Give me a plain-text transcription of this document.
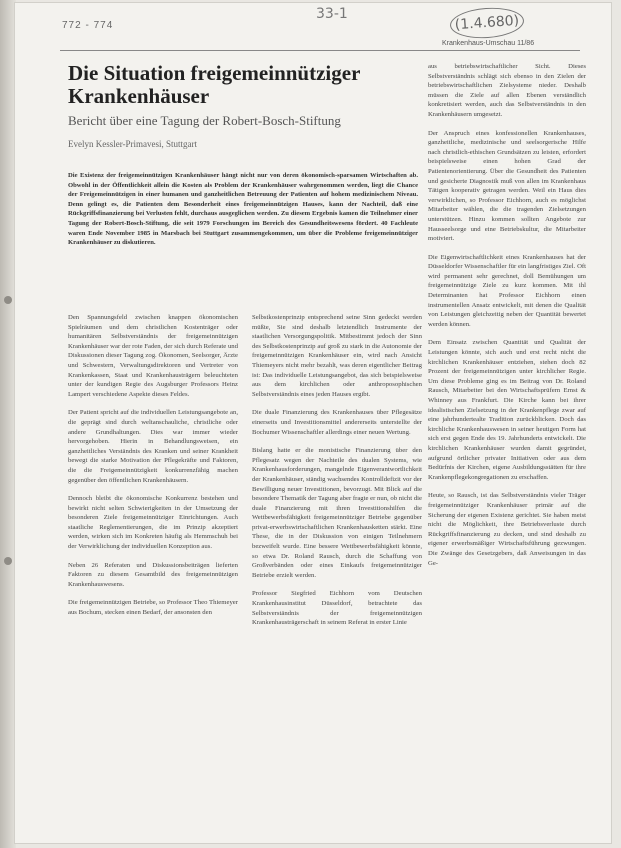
772 - 774
33-1	(1.4.680)
Krankenhaus-Umschau 11/86
Die Situation freigemeinnütziger Krankenhäuser
Bericht über eine Tagung der Robert-Bosch-Stiftung
Evelyn Kessler-Primavesi, Stuttgart

Die Existenz der freigemeinnützigen Krankenhäuser hängt nicht nur von deren ökonomisch-sparsamen Wirtschaften ab. Obwohl in der Öffentlichkeit allein die Kosten als Problem der Krankenhäuser wahrgenommen werden, liegt die Chance der Freigemeinnützigen in einer humanen und ganzheitlichen Betreuung der Patienten auf hohem medizinischem Niveau. Denn gelingt es, die Patienten dem Besonderheit eines freigemeinnützigen Hauses, kann der Nachteil, daß eine Rückgriffsfinanzierung bei Verlusten fehlt, durchaus ausgeglichen werden. Zu diesem Ergebnis kamen die Teilnehmer einer Tagung der Robert-Bosch-Stiftung, die seit 1979 Forschungen im Bereich des Gesundheitswesens fördert. 40 Fachleute waren Ende November 1985 in Marsbach bei Stuttgart zusammengekommen, um über die Probleme freigemeinnütziger Krankenhäuser zu diskutieren.

Den Spannungsfeld zwischen knappen ökonomischen Spielräumen und dem christlichen Kostenträger oder humanitären Selbstverständnis der freigemeinnützigen Krankenhäuser war der rote Faden, der sich durch Referate und Diskussionen dieser Tagung zog. Ökonomen, Seelsorger, Ärzte und Schwestern, Verwaltungsdirektoren und Vertreter von Krankenkassen, Staat und Krankenhausträgern beleuchteten unter der kundigen Regie des Augsburger Professors Heinz Lampert verschiedene Aspekte dieses Feldes.

Der Patient spricht auf die individuellen Leistungsangebote an, die geprägt sind durch weltanschauliche, christliche oder andere Grundhaltungen. Dies war immer wieder hervorgehoben. Hierin in Behandlungsweisen, ein ganzheitliches Verständnis des Kranken und seiner Krankheit bewegt die starke Motivation der Pflegekräfte und Faktoren, die die Freigemeinnützigkeit konkurrenzfähig machen gegenüber den öffentlichen Krankenhäusern.

Dennoch bleibt die ökonomische Konkurrenz bestehen und bewirkt nicht selten Schwierigkeiten in der Umsetzung der besonderen Ziele freigemeinnütziger Einrichtungen. Auch staatliche Reglementierungen, die im Prinzip akzeptiert werden, wirken sich im Konkreten häufig als Hemmschuh bei der Verwirklichung der individuellen Konzeption aus.

Neben 26 Referaten und Diskussionsbeiträgen lieferten Faktoren zu diesem Gesamtbild des freigemeinnützigen Krankenhauswesens.

Die freigemeinnützigen Betriebe, so Professor Theo Thiemeyer aus Bochum, stecken einen Bedarf, der ansonsten den

Selbstkostenprinzip entsprechend seine Sinn gedeckt werden müßte, Sie sind deshalb letztendlich Instrumente der staatlichen Versorgungspolitik. Mitbestimmt jedoch der Sinn des Selbstkostenprinzip auf groß zu stark in die Autonomie der freigemeinnützigen Krankenhäuser ein, wird nach Ansicht Thiemeyers nicht mehr bezahlt, was deren eigentlicher Beitrag ist: Das individuelle Leistungsangebot, das sich beispielsweise aus dem kirchlichen oder anthroposophischen Selbstverständnis eines jeden Hauses ergibt.

Die duale Finanzierung des Krankenhauses über Pflegesätze einerseits und Investitionsmittel andererseits unterstellte der Bochumer Wissenschaftler allerdings einer neuen Wertung.

Bislang hatte er die monistische Finanzierung über den Pflegesatz wegen der Nachteile des dualen Systems, wie Krankenhausforderungen, mangelnde Eigenverantwortlichkeit der Krankenhäuser, ständig wachsendes Kontrolldefizit vor der Bewilligung neuer Investitionen, bevorzugt. Mit Blick auf die besondere Thematik der Tagung aber fragte er nun, ob nicht die duale Finanzierung mit ihren Investitionshilfen die Wettbewerbsfähigkeit freigemeinnütziger Betriebe gegenüber privat-erwerbswirtschaftlichen Krankenhausketten stärkt. Eine These, die in der Diskussion von einigen Teilnehmern bezweifelt wurde. Eine bessere Wettbewerbsfähigkeit könnte, so etwa Dr. Roland Rausch, durch die Schaffung von Großverbänden oder eines Einkaufs freigemeinnütziger Betriebe erzielt werden.

Professor Siegfried Eichhorn vom Deutschen Krankenhausinstitut Düsseldorf, betrachtete das Selbstverständnis der freigemeinnützigen Krankenhausträgerschaft in seinem Referat in erster Linie

aus betriebswirtschaftlicher Sicht. Dieses Selbstverständnis schlägt sich ebenso in den Zielen der betriebswirtschaftlichen Zielsysteme nieder. Deshalb müssen die Ziele auf allen Ebenen verständlich konkretisiert werden, auch das Selbstverständnis in den Krankenhäusern umgesetzt.

Der Anspruch eines konfessionellen Krankenhauses, ganzheitliche, medizinische und seelsorgerische Hilfe nach christlich-ethischen Grundsätzen zu leisten, erfordert beispielsweise einen hohen Grad der Patientenorientierung. Über die Gesundheit des Patienten und gesicherte Diagnostik muß von allen im Krankenhaus Tätigen kooperativ getragen werden. Weil ein Haus dies verwirklichen, so Professor Eichhorn, auch es möglichst Mitarbeiter wählen, die die tragenden Zielsetzungen unterstützen. Hinzu kommen sollten Angebote zur Hausseelsorge und eine Betriebskultur, die Mitarbeiter motiviert.

Die Eigenwirtschaftlichkeit eines Krankenhauses hat der Düsseldorfer Wissenschaftler für ein langfristiges Ziel. Oft wird permanent sehr gerechnet, doll Bemühungen um freigemeinnützige Ziele zu kurz kommen. Mit ihl Determinanten hat Professor Eichhorn einen instrumentellen Ansatz entwickelt, mit denen die Qualität von Leistungen gleichzeitig neben der Quantität bewertet werden können.

Dem Einsatz zwischen Quantität und Qualität der Leistungen könnte, sich auch und erst recht nicht die kirchlichen Krankenhäuser entziehen, stehen doch 82 Prozent der freigemeinnützigen unter kirchlicher Regie. Um diese Probleme ging es im Beitrag von Dr. Roland Rausch, Mitarbeiter bei den Wirtschaftsprüfern Ernst & Whinney aus Frankfurt. Die Kirche kann bei ihrer idealistischen Zielsetzung in der Krankenpflege zwar auf eine jahrhundertealte Tradition zurückblicken. Doch das kirchliche Krankenhauswesen in seiner heutigen Form hat sich erst gegen Ende des 19. Jahrhunderts entwickelt. Die kirchlichen Krankenhäuser wurden damit gegründet, aufgrund örtlicher privater Initiativen oder aus dem Bedürfnis der Kirchen, eigene Ausbildungsstätten für ihre Krankenpflegekongregationen zu erschaffen.

Heute, so Rausch, ist das Selbstverständnis vieler Träger freigemeinnütziger Krankenhäuser primär auf die Sicherung der eigenen Existenz gerichtet. Sie haben meist nicht die Möglichkeit, ihre Betriebsverluste durch Rückgriffsfinanzierung zu decken, und sind deshalb zu eigener erwerbsmäßiger Wirtschaftsführung gezwungen. Die Zwänge des Gesetzgebers, daß Anweisungen in das Ge-
